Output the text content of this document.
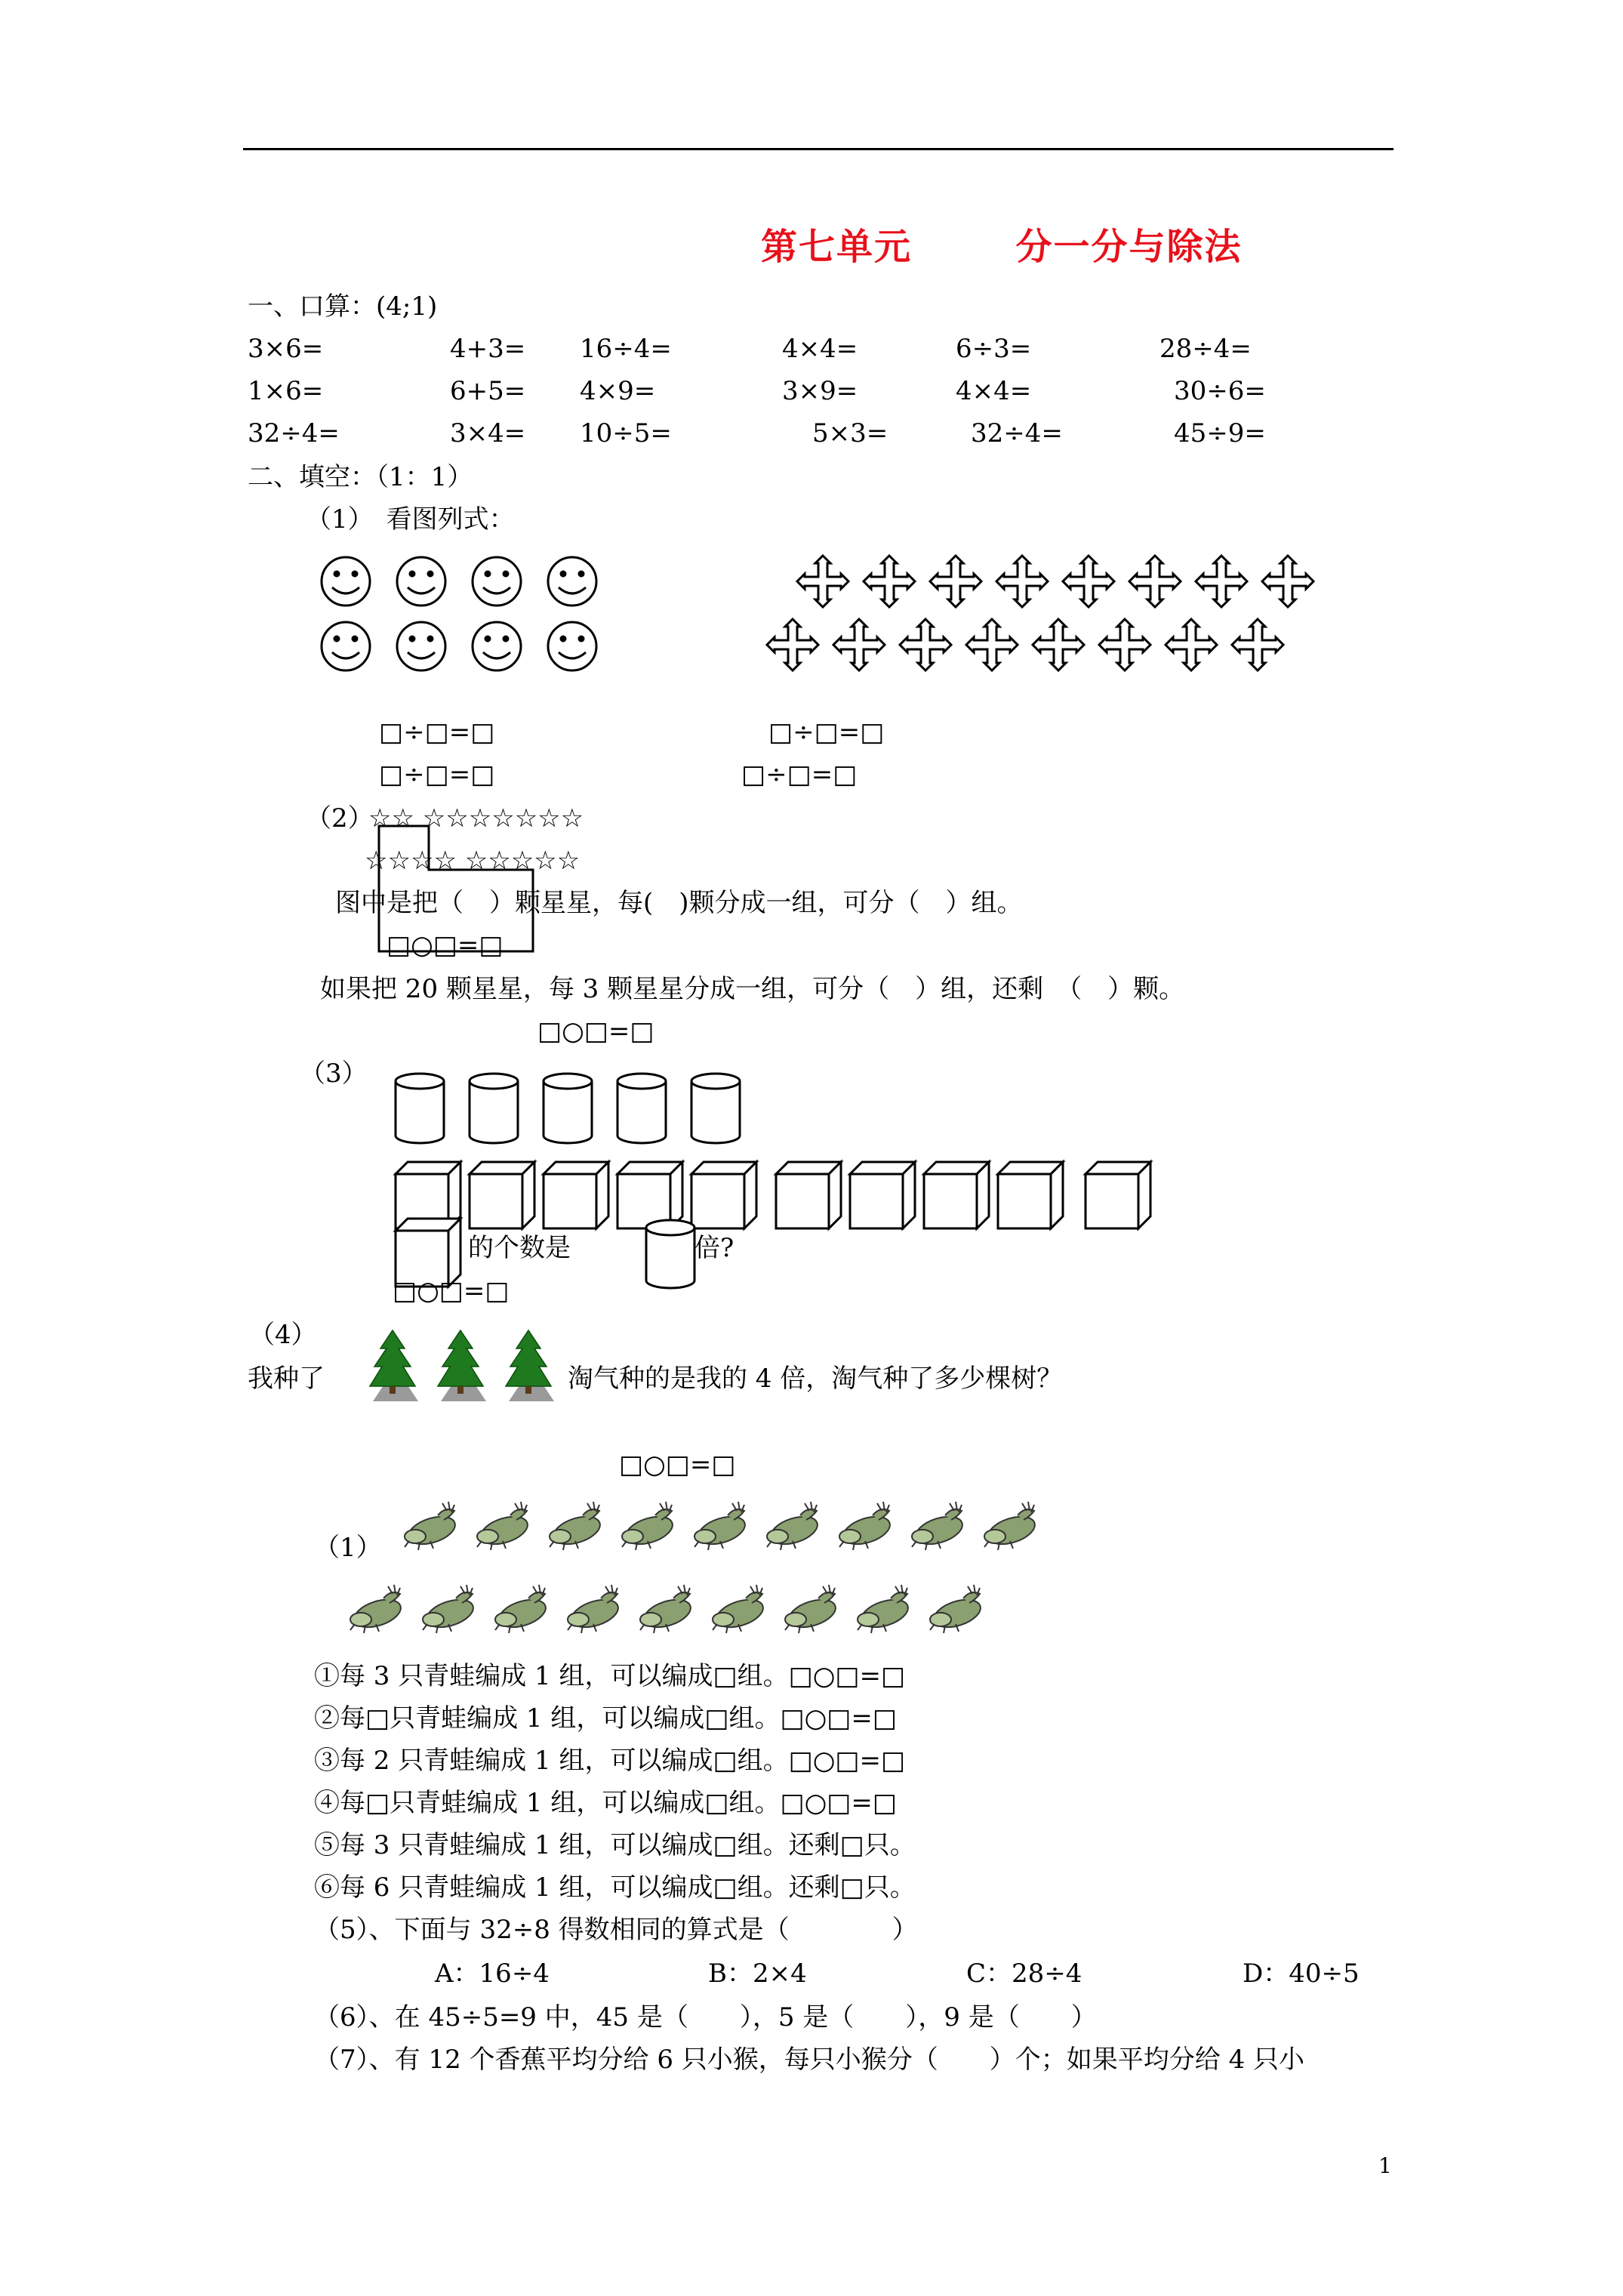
第七单元	分一分与除法
一、口算：(4;1)
3×6=	4+3= 16÷4=	4×4=	6÷3=	28÷4=
1×6=	6+5= 4×9=	3×9=	4×4=	30÷6=
32÷4=	3×4= 10÷5=	5×3=	32÷4=	45÷9=
二、填空：（1：1）
（1）　看图列式：
□÷□=□
□÷□=□
□÷□=□
□÷□=□
（2）
☆☆ ☆☆☆☆☆☆☆
☆☆☆☆ ☆☆☆☆☆
图中是把（　）颗星星，每(　)颗分成一组，可分（　）组。
□○□=□
如果把 20 颗星星，每 3 颗星星分成一组，可分（　）组，还剩　（　）颗。
□○□=□
（3）
的个数是	倍?
□○□=□
（4）
我种了	淘气种的是我的 4 倍，淘气种了多少棵树？
□○□=□
（1）
①每 3 只青蛙编成 1 组，可以编成□组。□○□=□
②每□只青蛙编成 1 组，可以编成□组。□○□=□
③每 2 只青蛙编成 1 组，可以编成□组。□○□=□
④每□只青蛙编成 1 组，可以编成□组。□○□=□
⑤每 3 只青蛙编成 1 组，可以编成□组。还剩□只。
⑥每 6 只青蛙编成 1 组，可以编成□组。还剩□只。
（5）、下面与 32÷8 得数相同的算式是（　　　　）
A：16÷4	B：2×4	C：28÷4	D：40÷5
（6）、在 45÷5=9 中，45 是（　　），5 是（　　），9 是（　　）
（7）、有 12 个香蕉平均分给 6 只小猴，每只小猴分（　　）个；如果平均分给 4 只小
1
